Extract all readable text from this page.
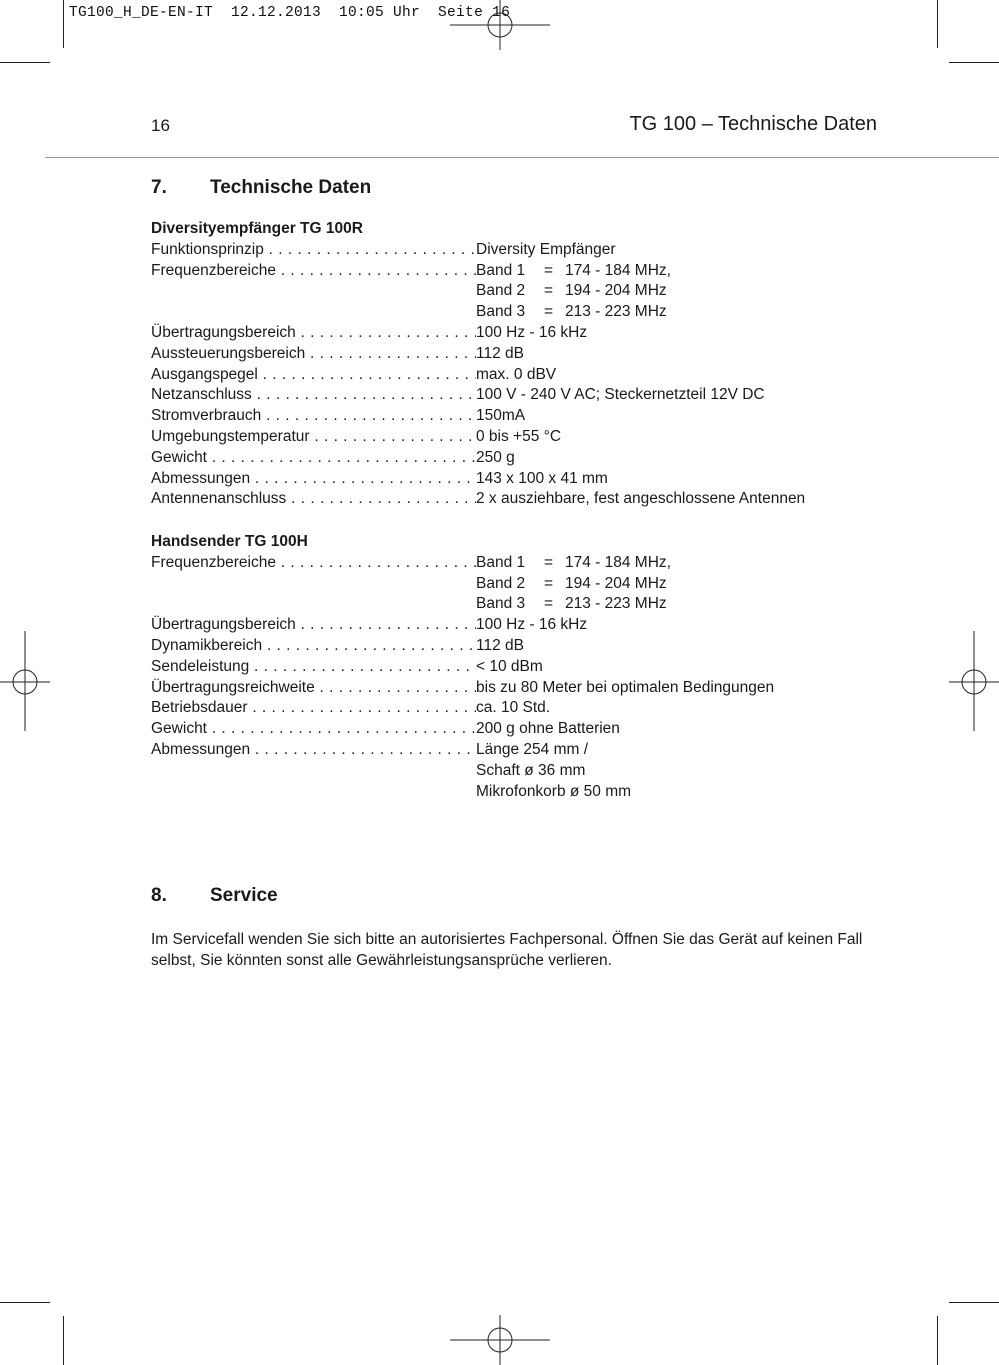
TG100_H_DE-EN-IT  12.12.2013  10:05 Uhr  Seite 16
16	TG 100 – Technische Daten
7. Technische Daten
Diversityempfänger TG 100R
Funktionsprinzip . . .	Diversity Empfänger
Frequenzbereiche . . .	Band 1	= 174 - 184 MHz,
Band 2	= 194 - 204 MHz
Band 3	= 213 - 223 MHz
Übertragungsbereich . . .	100 Hz - 16 kHz
Aussteuerungsbereich . . .	112 dB
Ausgangspegel . . .	max. 0 dBV
Netzanschluss . . .	100 V - 240 V AC; Steckernetzteil 12V DC
Stromverbrauch . . .	150mA
Umgebungstemperatur . . .	0 bis +55 °C
Gewicht . . .	250 g
Abmessungen . . .	143 x 100 x 41 mm
Antennenanschluss . . .	2 x ausziehbare, fest angeschlossene Antennen
Handsender TG 100H
Frequenzbereiche . . .	Band 1	= 174 - 184 MHz,
Band 2	= 194 - 204 MHz
Band 3	= 213 - 223 MHz
Übertragungsbereich . . .	100 Hz - 16 kHz
Dynamikbereich . . .	112 dB
Sendeleistung . . .	< 10 dBm
Übertragungsreichweite . . .	bis zu 80 Meter bei optimalen Bedingungen
Betriebsdauer . . .	ca. 10 Std.
Gewicht . . .	200 g ohne Batterien
Abmessungen . . .	Länge 254 mm /
Schaft ø 36 mm
Mikrofonkorb ø 50 mm
8. Service

Im Servicefall wenden Sie sich bitte an autorisiertes Fachpersonal. Öffnen Sie das Gerät auf keinen Fall selbst, Sie könnten sonst alle Gewährleistungsansprüche verlieren.
